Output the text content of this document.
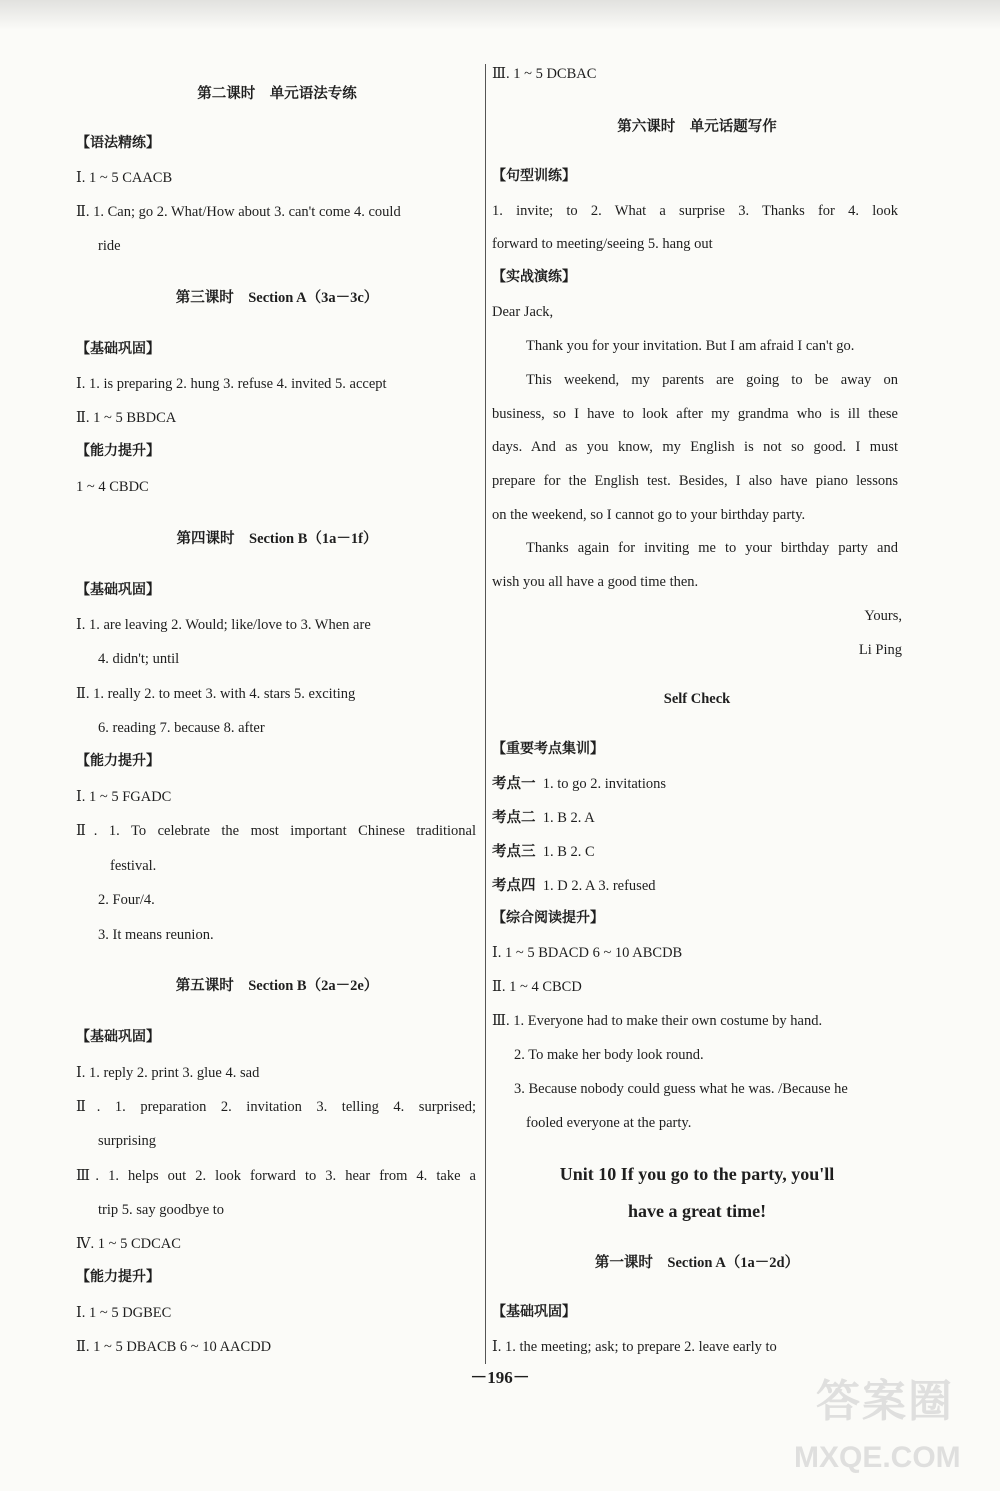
第二课时　单元语法专练
【语法精练】
Ⅰ. 1 ~ 5 CAACB
Ⅱ. 1. Can; go 2. What/How about 3. can't come 4. could
ride
第三课时　Section A（3a－3c）
【基础巩固】
Ⅰ. 1. is preparing 2. hung 3. refuse 4. invited 5. accept
Ⅱ. 1 ~ 5 BBDCA
【能力提升】
1 ~ 4 CBDC
第四课时　Section B（1a－1f）
【基础巩固】
Ⅰ. 1. are leaving 2. Would; like/love to 3. When are
4. didn't; until
Ⅱ. 1. really 2. to meet 3. with 4. stars 5. exciting
6. reading 7. because 8. after
【能力提升】
Ⅰ. 1 ~ 5 FGADC
Ⅱ. 1. To celebrate the most important Chinese traditional
festival.
2. Four/4.
3. It means reunion.
第五课时　Section B（2a－2e）
【基础巩固】
Ⅰ. 1. reply 2. print 3. glue 4. sad
Ⅱ. 1. preparation 2. invitation 3. telling 4. surprised;
surprising
Ⅲ. 1. helps out 2. look forward to 3. hear from 4. take a
trip 5. say goodbye to
Ⅳ. 1 ~ 5 CDCAC
【能力提升】
Ⅰ. 1 ~ 5 DGBEC
Ⅱ. 1 ~ 5 DBACB 6 ~ 10 AACDD
Ⅲ. 1 ~ 5 DCBAC
第六课时　单元话题写作
【句型训练】
1. invite; to 2. What a surprise 3. Thanks for 4. look
forward to meeting/seeing 5. hang out
【实战演练】
Dear Jack,
Thank you for your invitation. But I am afraid I can't go.
This weekend, my parents are going to be away on
business, so I have to look after my grandma who is ill these
days. And as you know, my English is not so good. I must
prepare for the English test. Besides, I also have piano lessons
on the weekend, so I cannot go to your birthday party.
Thanks again for inviting me to your birthday party and
wish you all have a good time then.
Yours,
Li Ping
Self Check
【重要考点集训】
考点一 1. to go 2. invitations
考点二 1. B 2. A
考点三 1. B 2. C
考点四 1. D 2. A 3. refused
【综合阅读提升】
Ⅰ. 1 ~ 5 BDACD 6 ~ 10 ABCDB
Ⅱ. 1 ~ 4 CBCD
Ⅲ. 1. Everyone had to make their own costume by hand.
2. To make her body look round.
3. Because nobody could guess what he was. /Because he
fooled everyone at the party.
Unit 10 If you go to the party, you'll
have a great time!
第一课时　Section A（1a－2d）
【基础巩固】
Ⅰ. 1. the meeting; ask; to prepare 2. leave early to
－196－	答案圈
MXQE.COM
